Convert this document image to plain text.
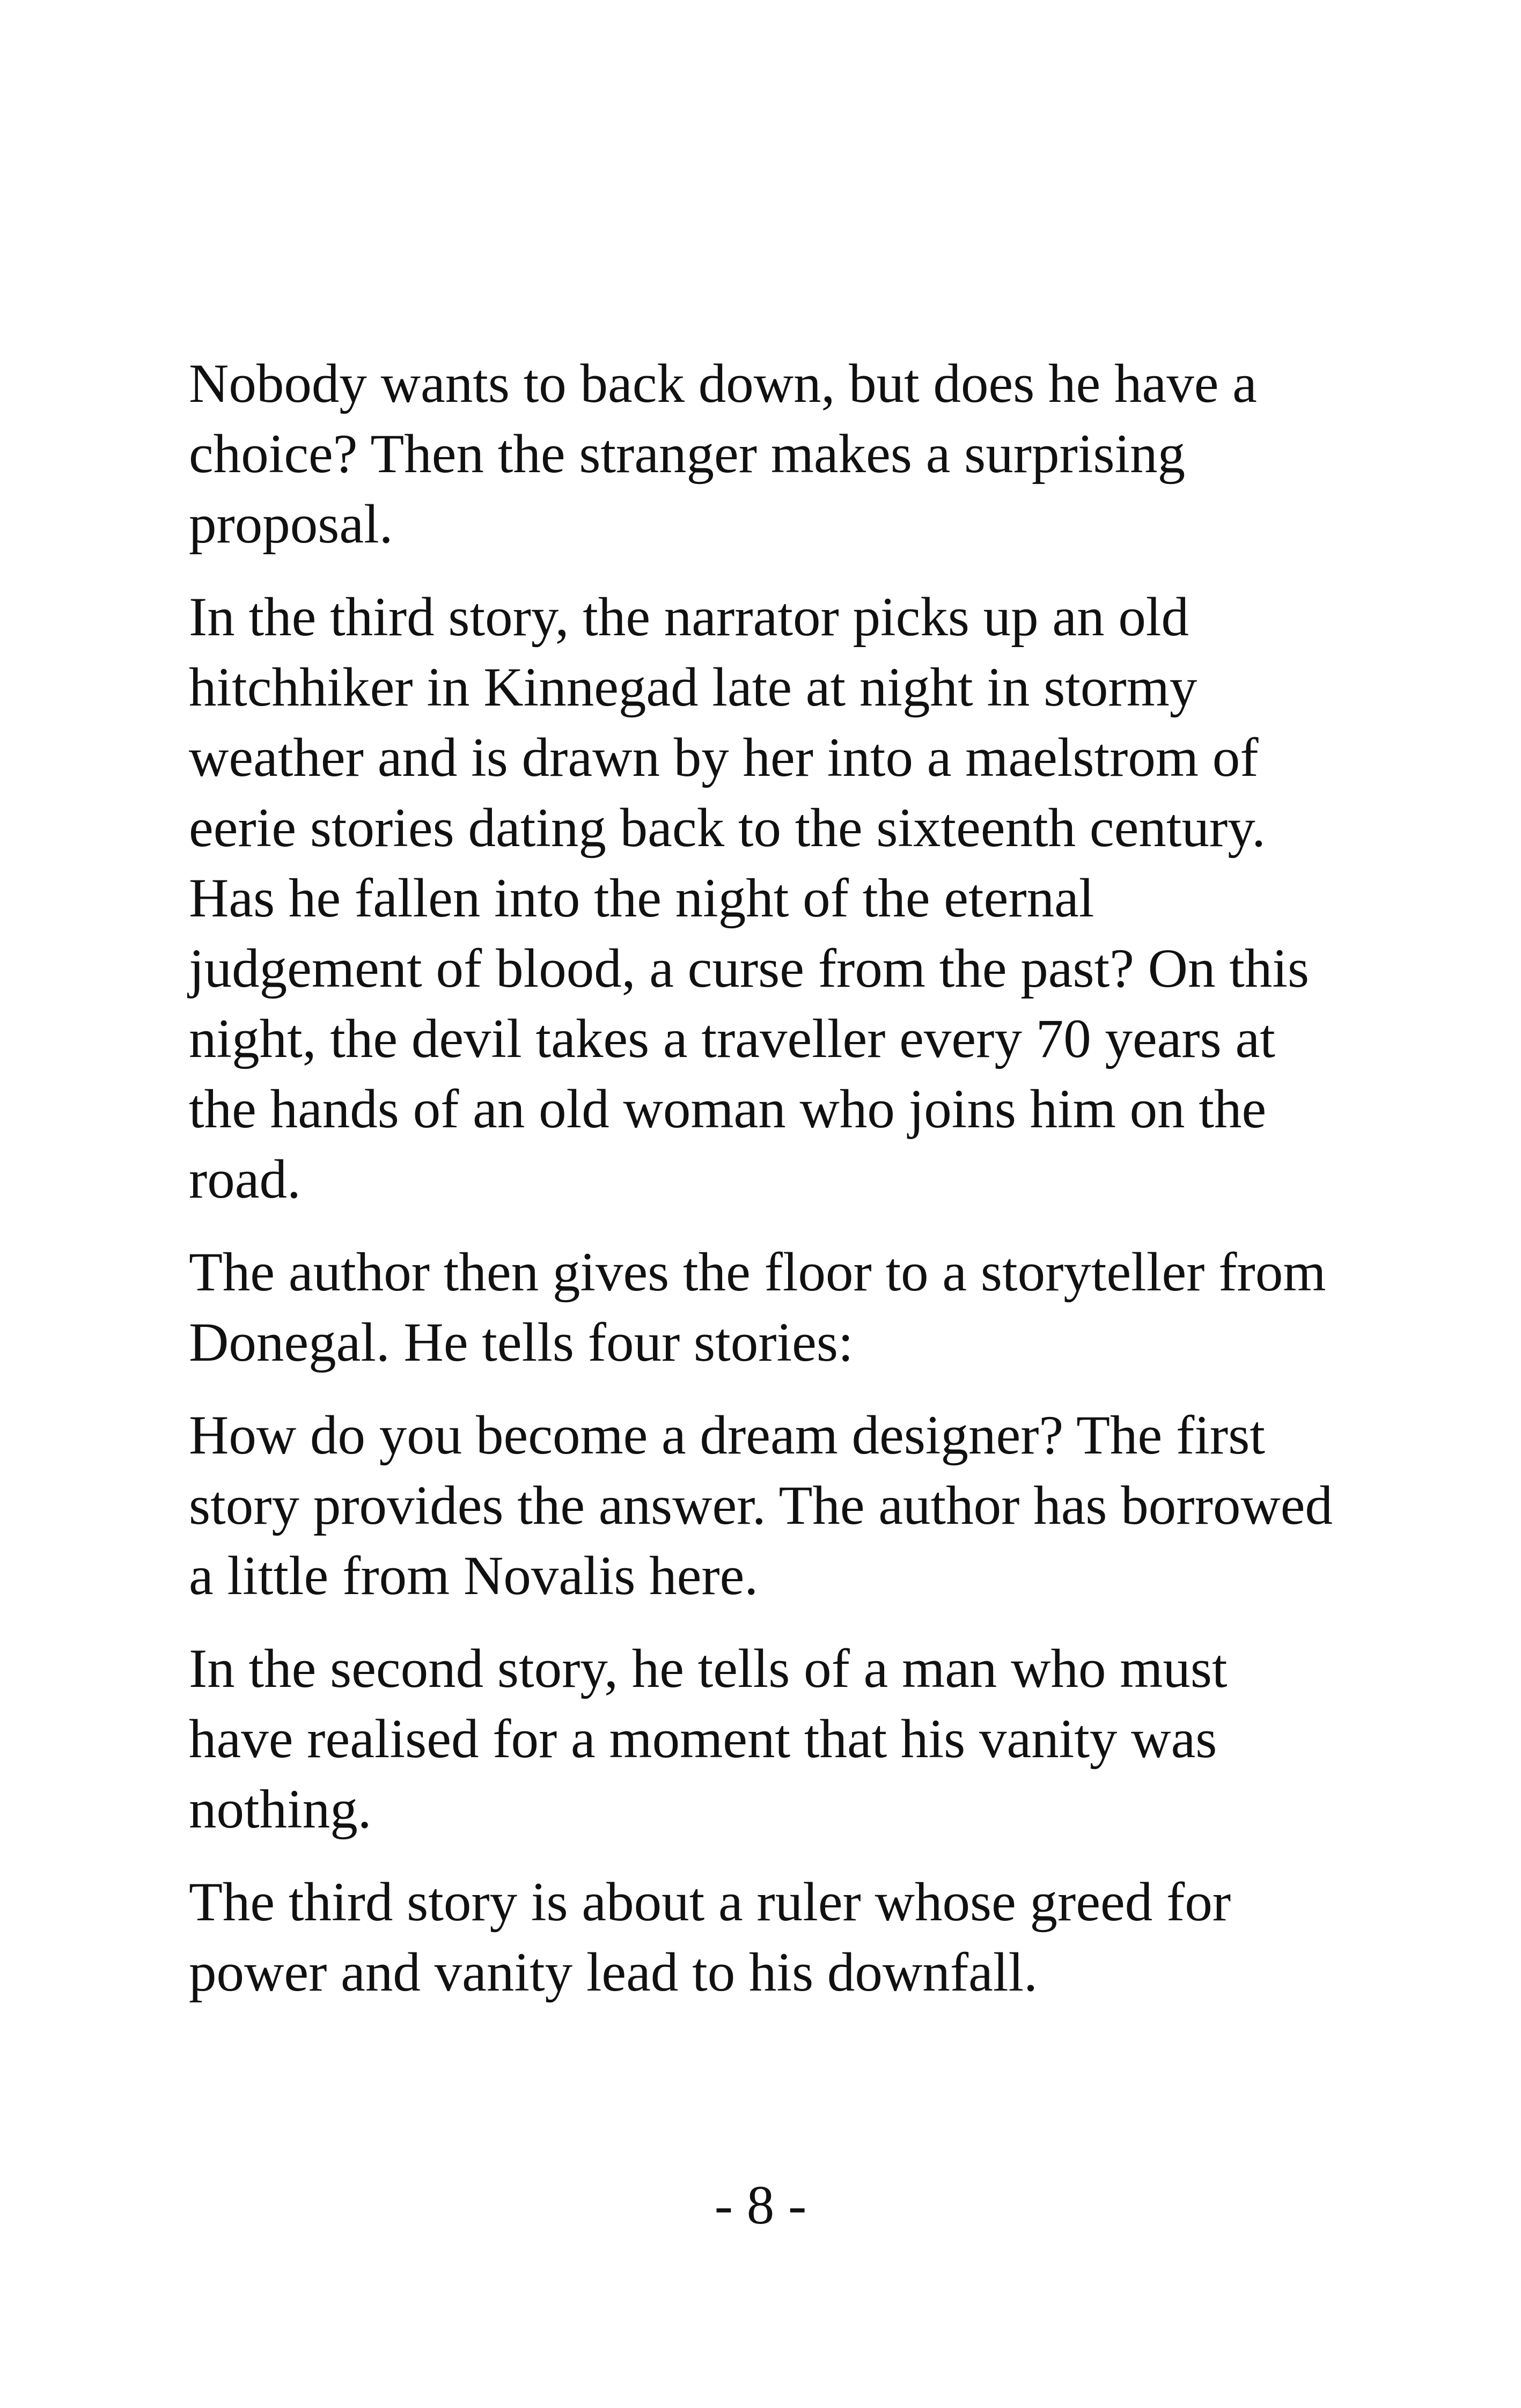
Nobody wants to back down, but does he have a
choice? Then the stranger makes a surprising
proposal.

In the third story, the narrator picks up an old
hitchhiker in Kinnegad late at night in stormy
weather and is drawn by her into a maelstrom of
eerie stories dating back to the sixteenth century.
Has he fallen into the night of the eternal
judgement of blood, a curse from the past? On this
night, the devil takes a traveller every 70 years at
the hands of an old woman who joins him on the
road.

The author then gives the floor to a storyteller from
Donegal. He tells four stories:

How do you become a dream designer? The first
story provides the answer. The author has borrowed
a little from Novalis here.

In the second story, he tells of a man who must
have realised for a moment that his vanity was
nothing.

The third story is about a ruler whose greed for
power and vanity lead to his downfall.

- 8 -
